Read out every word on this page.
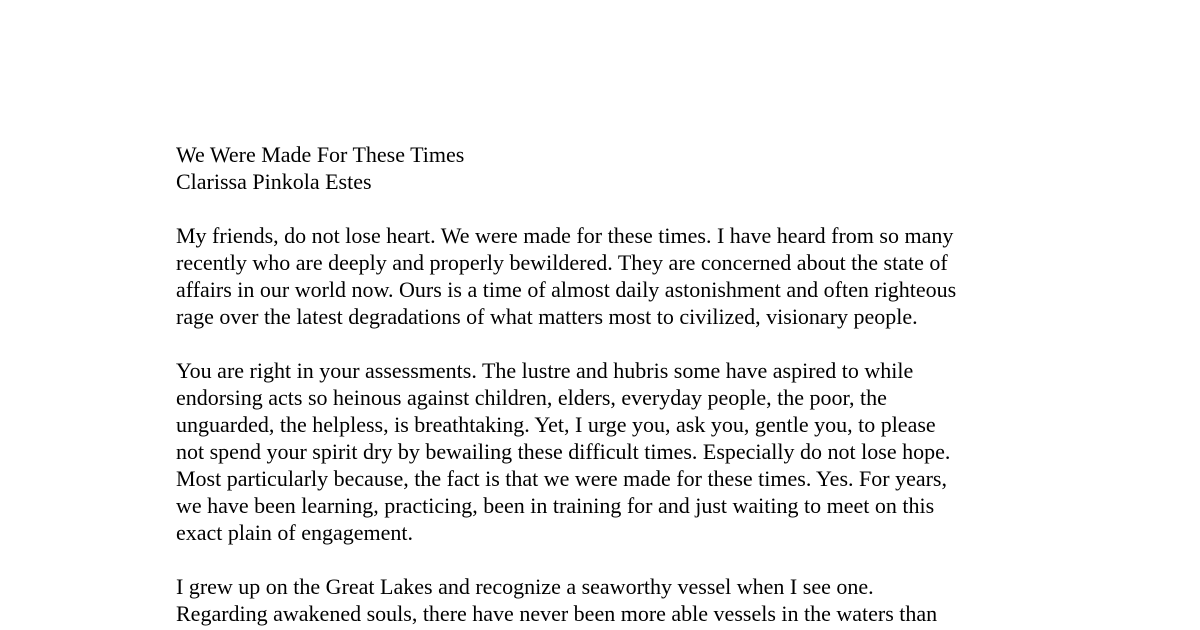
We Were Made For These Times
Clarissa Pinkola Estes
My friends, do not lose heart. We were made for these times. I have heard from so many
recently who are deeply and properly bewildered. They are concerned about the state of
affairs in our world now. Ours is a time of almost daily astonishment and often righteous
rage over the latest degradations of what matters most to civilized, visionary people.
You are right in your assessments. The lustre and hubris some have aspired to while
endorsing acts so heinous against children, elders, everyday people, the poor, the
unguarded, the helpless, is breathtaking. Yet, I urge you, ask you, gentle you, to please
not spend your spirit dry by bewailing these difficult times. Especially do not lose hope.
Most particularly because, the fact is that we were made for these times. Yes. For years,
we have been learning, practicing, been in training for and just waiting to meet on this
exact plain of engagement.
I grew up on the Great Lakes and recognize a seaworthy vessel when I see one.
Regarding awakened souls, there have never been more able vessels in the waters than
